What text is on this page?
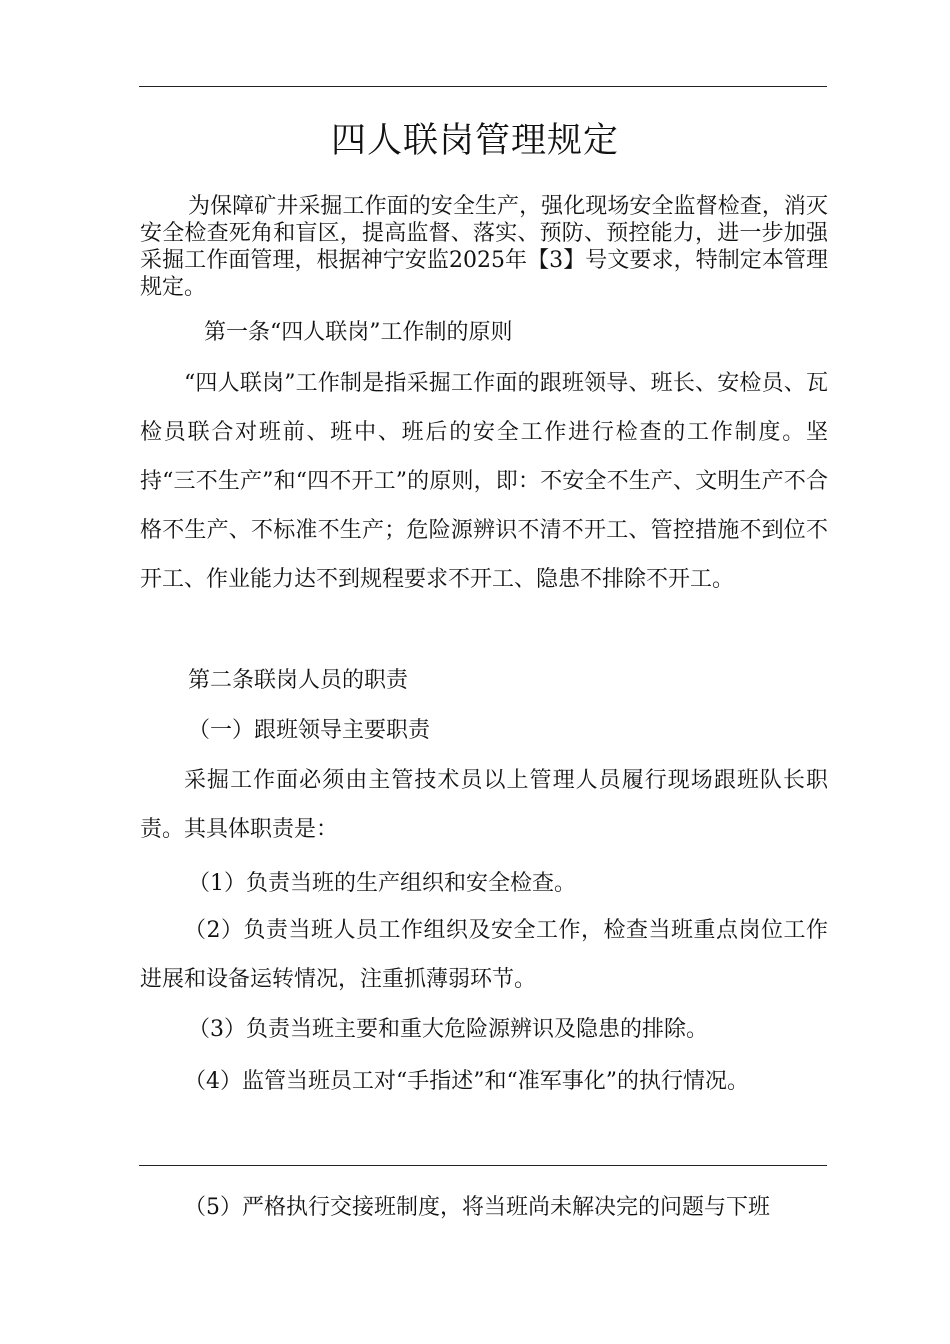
四人联岗管理规定

为保障矿井采掘工作面的安全生产，强化现场安全监督检查，消灭安全检查死角和盲区，提高监督、落实、预防、预控能力，进一步加强采掘工作面管理，根据神宁安监2025年【3】号文要求，特制定本管理规定。

第一条“四人联岗”工作制的原则

“四人联岗”工作制是指采掘工作面的跟班领导、班长、安检员、瓦检员联合对班前、班中、班后的安全工作进行检查的工作制度。坚持“三不生产”和“四不开工”的原则，即：不安全不生产、文明生产不合格不生产、不标准不生产；危险源辨识不清不开工、管控措施不到位不开工、作业能力达不到规程要求不开工、隐患不排除不开工。

第二条联岗人员的职责

（一）跟班领导主要职责

采掘工作面必须由主管技术员以上管理人员履行现场跟班队长职责。其具体职责是：

（1）负责当班的生产组织和安全检查。

（2）负责当班人员工作组织及安全工作，检查当班重点岗位工作进展和设备运转情况，注重抓薄弱环节。

（3）负责当班主要和重大危险源辨识及隐患的排除。

（4）监管当班员工对“手指述”和“准军事化”的执行情况。

（5）严格执行交接班制度，将当班尚未解决完的问题与下班
